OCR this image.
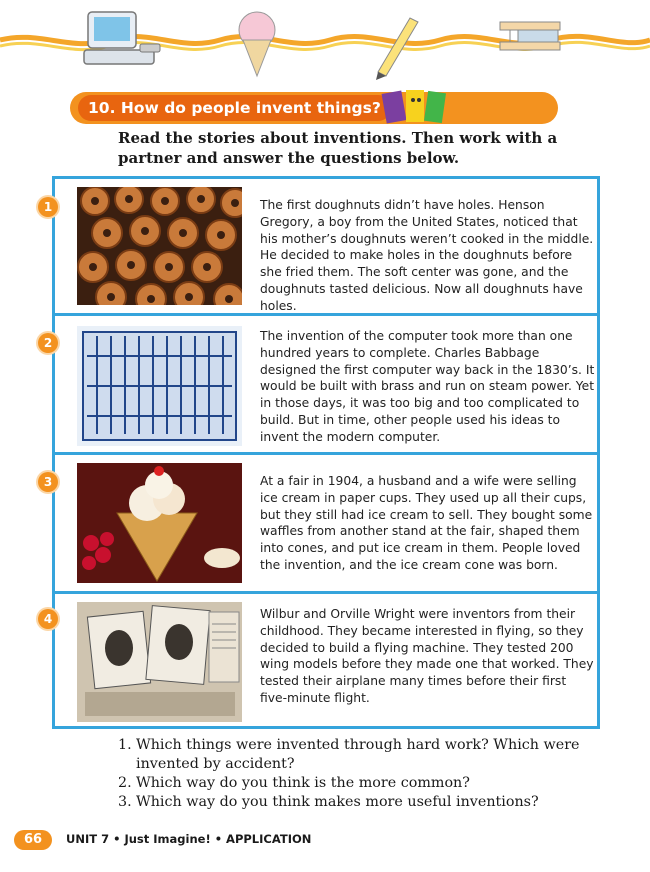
10. How do people invent things?
Read the stories about inventions. Then work with a partner and answer the questions below.
The first doughnuts didn’t have holes. Henson Gregory, a boy from the United States, noticed that his mother’s doughnuts weren’t cooked in the middle. He decided to make holes in the doughnuts before she fried them. The soft center was gone, and the doughnuts tasted delicious. Now all doughnuts have holes.
1
The invention of the computer took more than one hundred years to complete. Charles Babbage designed the first computer way back in the 1830’s. It would be built with brass and run on steam power. Yet in those days, it was too big and too complicated to build. But in time, other people used his ideas to invent the modern computer.
2
At a fair in 1904, a husband and a wife were selling ice cream in paper cups. They used up all their cups, but they still had ice cream to sell. They bought some waffles from another stand at the fair, shaped them into cones, and put ice cream in them. People loved the invention, and the ice cream cone was born.
3
Wilbur and Orville Wright were inventors from their childhood. They became interested in flying, so they decided to build a flying machine. They tested 200 wing models before they made one that worked. They tested their airplane many times before their first five-minute flight.
4
1. Which things were invented through hard work? Which were invented by accident?
2. Which way do you think is the more common?
3. Which way do you think makes more useful inventions?
66	UNIT 7 • Just Imagine! • APPLICATION
